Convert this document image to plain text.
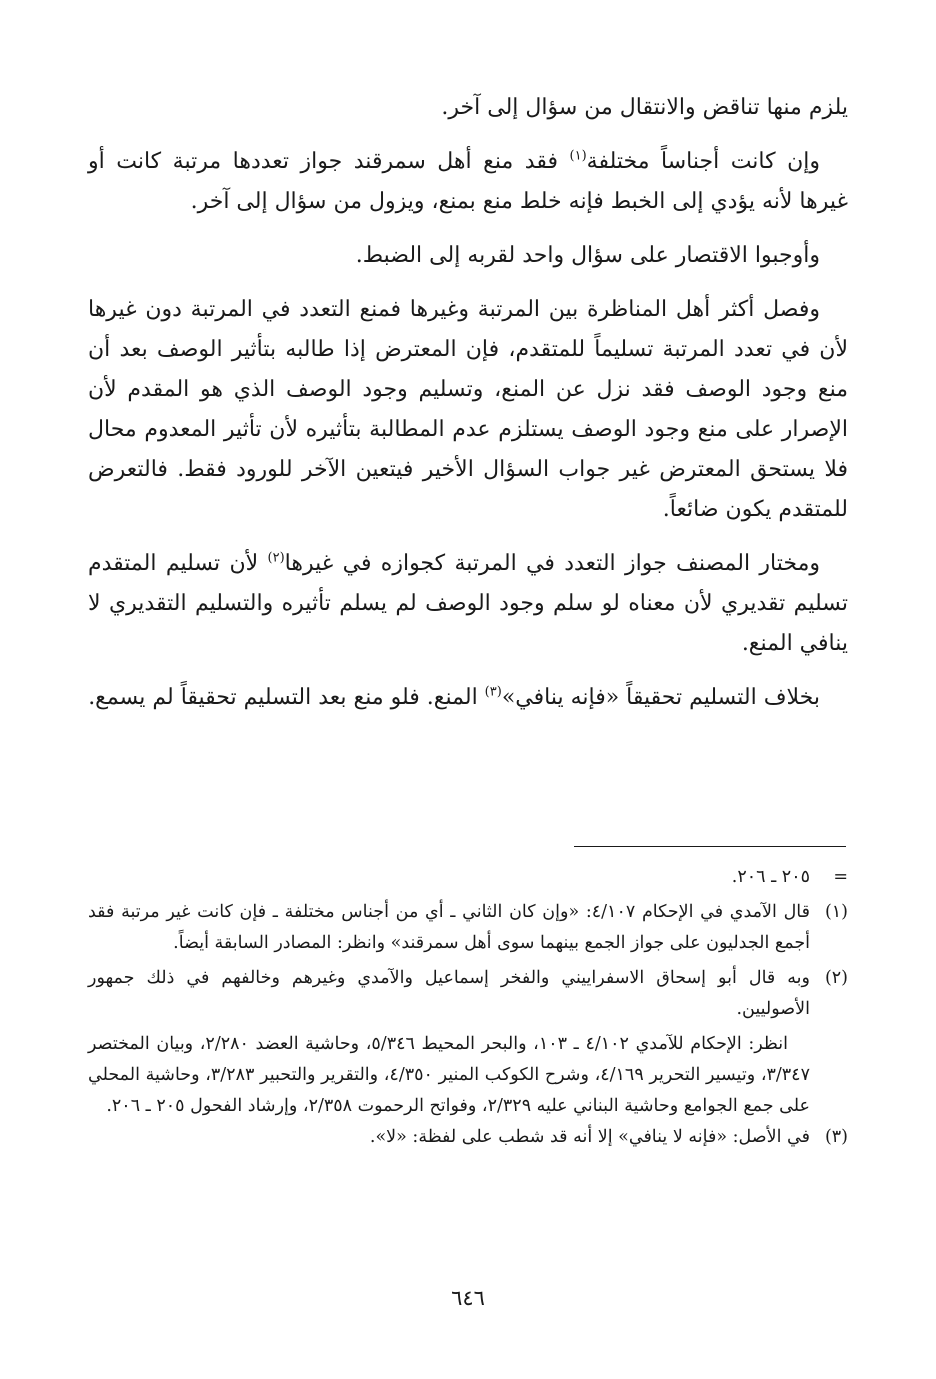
يلزم منها تناقض والانتقال من سؤال إلى آخر.

وإن كانت أجناساً مختلفة$^{(١)}$ فقد منع أهل سمرقند جواز تعددها مرتبة كانت أو غيرها لأنه يؤدي إلى الخبط فإنه خلط منع بمنع، ويزول من سؤال إلى آخر.

وأوجبوا الاقتصار على سؤال واحد لقربه إلى الضبط.

وفصل أكثر أهل المناظرة بين المرتبة وغيرها فمنع التعدد في المرتبة دون غيرها لأن في تعدد المرتبة تسليماً للمتقدم، فإن المعترض إذا طالبه بتأثير الوصف بعد أن منع وجود الوصف فقد نزل عن المنع، وتسليم وجود الوصف الذي هو المقدم لأن الإصرار على منع وجود الوصف يستلزم عدم المطالبة بتأثيره لأن تأثير المعدوم محال فلا يستحق المعترض غير جواب السؤال الأخير فيتعين الآخر للورود فقط. فالتعرض للمتقدم يكون ضائعاً.

ومختار المصنف جواز التعدد في المرتبة كجوازه في غيرها$^{(٢)}$ لأن تسليم المتقدم تسليم تقديري لأن معناه لو سلم وجود الوصف لم يسلم تأثيره والتسليم التقديري لا ينافي المنع.

بخلاف التسليم تحقيقاً «فإنه ينافي»$^{(٣)}$ المنع. فلو منع بعد التسليم تحقيقاً لم يسمع.

=
٢٠٥ ـ ٢٠٦.
(١)
قال الآمدي في الإحكام ٤/١٠٧: «وإن كان الثاني ـ أي من أجناس مختلفة ـ فإن كانت غير مرتبة فقد أجمع الجدليون على جواز الجمع بينهما سوى أهل سمرقند» وانظر: المصادر السابقة أيضاً.
(٢)
وبه قال أبو إسحاق الاسفراييني والفخر إسماعيل والآمدي وغيرهم وخالفهم في ذلك جمهور الأصوليين.
انظر: الإحكام للآمدي ٤/١٠٢ ـ ١٠٣، والبحر المحيط ٥/٣٤٦، وحاشية العضد ٢/٢٨٠، وبيان المختصر ٣/٣٤٧، وتيسير التحرير ٤/١٦٩، وشرح الكوكب المنير ٤/٣٥٠، والتقرير والتحبير ٣/٢٨٣، وحاشية المحلي على جمع الجوامع وحاشية البناني عليه ٢/٣٢٩، وفواتح الرحموت ٢/٣٥٨، وإرشاد الفحول ٢٠٥ ـ ٢٠٦.
(٣)
في الأصل: «فإنه لا ينافي» إلا أنه قد شطب على لفظة: «لا».
٦٤٦
